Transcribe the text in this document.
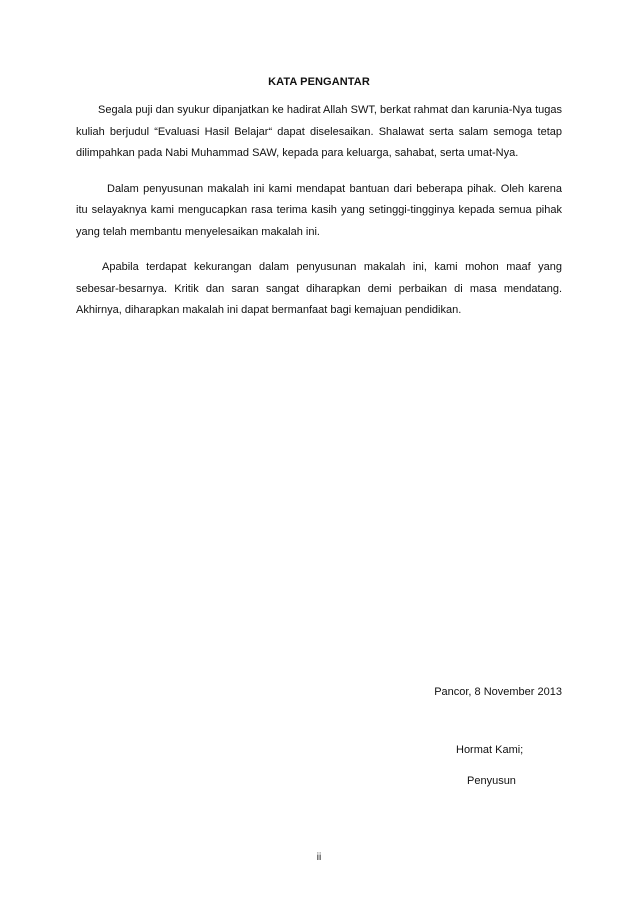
KATA PENGANTAR

Segala puji dan syukur dipanjatkan ke hadirat Allah SWT, berkat rahmat dan karunia-Nya tugas kuliah berjudul “Evaluasi Hasil Belajar“ dapat diselesaikan. Shalawat serta salam semoga tetap dilimpahkan pada Nabi Muhammad SAW, kepada para keluarga, sahabat, serta umat-Nya.

Dalam penyusunan makalah ini kami mendapat bantuan dari beberapa pihak. Oleh karena itu selayaknya kami mengucapkan rasa terima kasih yang setinggi-tingginya kepada semua pihak yang telah membantu menyelesaikan makalah ini.

Apabila terdapat kekurangan dalam penyusunan makalah ini, kami mohon maaf yang sebesar-besarnya. Kritik dan saran sangat diharapkan demi perbaikan di masa mendatang. Akhirnya, diharapkan makalah ini dapat bermanfaat bagi kemajuan pendidikan.

Pancor, 8 November 2013
Hormat Kami;
Penyusun
ii
